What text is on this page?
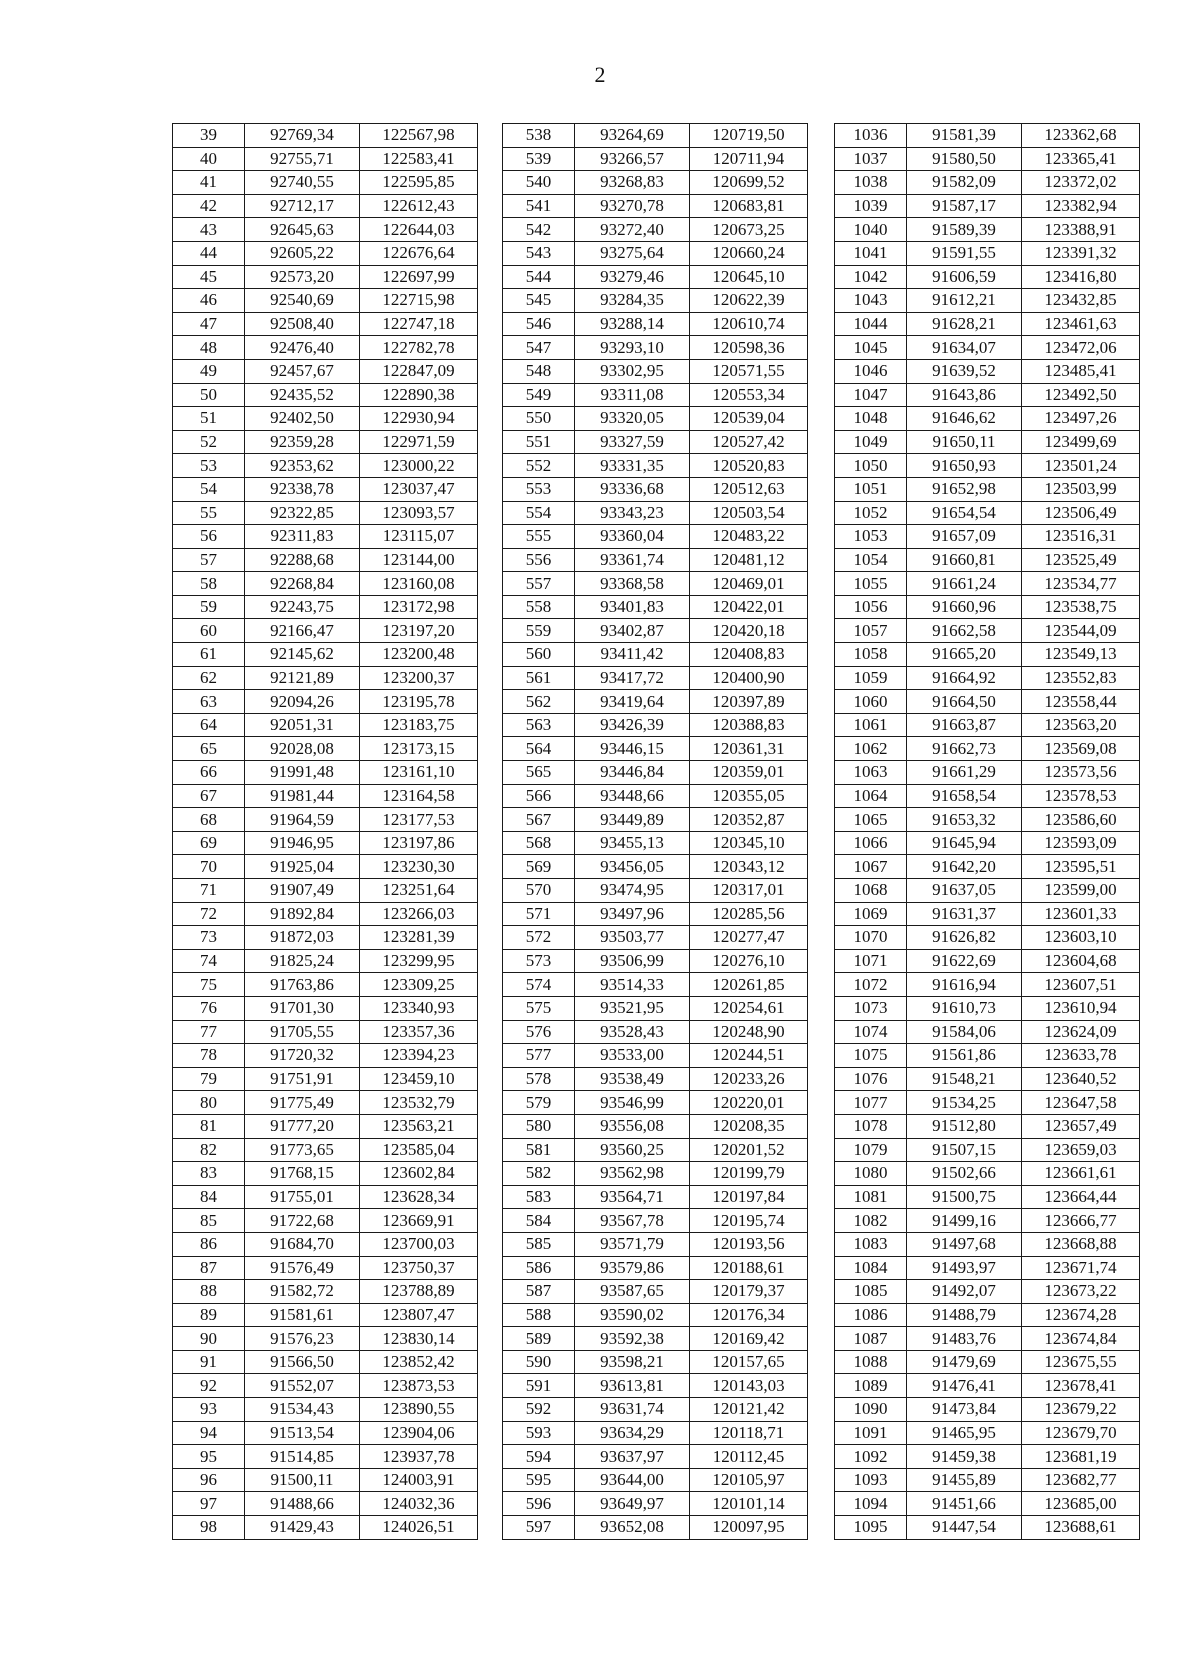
2
39	92769,34	122567,98
40	92755,71	122583,41
41	92740,55	122595,85
42	92712,17	122612,43
43	92645,63	122644,03
44	92605,22	122676,64
45	92573,20	122697,99
46	92540,69	122715,98
47	92508,40	122747,18
48	92476,40	122782,78
49	92457,67	122847,09
50	92435,52	122890,38
51	92402,50	122930,94
52	92359,28	122971,59
53	92353,62	123000,22
54	92338,78	123037,47
55	92322,85	123093,57
56	92311,83	123115,07
57	92288,68	123144,00
58	92268,84	123160,08
59	92243,75	123172,98
60	92166,47	123197,20
61	92145,62	123200,48
62	92121,89	123200,37
63	92094,26	123195,78
64	92051,31	123183,75
65	92028,08	123173,15
66	91991,48	123161,10
67	91981,44	123164,58
68	91964,59	123177,53
69	91946,95	123197,86
70	91925,04	123230,30
71	91907,49	123251,64
72	91892,84	123266,03
73	91872,03	123281,39
74	91825,24	123299,95
75	91763,86	123309,25
76	91701,30	123340,93
77	91705,55	123357,36
78	91720,32	123394,23
79	91751,91	123459,10
80	91775,49	123532,79
81	91777,20	123563,21
82	91773,65	123585,04
83	91768,15	123602,84
84	91755,01	123628,34
85	91722,68	123669,91
86	91684,70	123700,03
87	91576,49	123750,37
88	91582,72	123788,89
89	91581,61	123807,47
90	91576,23	123830,14
91	91566,50	123852,42
92	91552,07	123873,53
93	91534,43	123890,55
94	91513,54	123904,06
95	91514,85	123937,78
96	91500,11	124003,91
97	91488,66	124032,36
98	91429,43	124026,51
538	93264,69	120719,50
539	93266,57	120711,94
540	93268,83	120699,52
541	93270,78	120683,81
542	93272,40	120673,25
543	93275,64	120660,24
544	93279,46	120645,10
545	93284,35	120622,39
546	93288,14	120610,74
547	93293,10	120598,36
548	93302,95	120571,55
549	93311,08	120553,34
550	93320,05	120539,04
551	93327,59	120527,42
552	93331,35	120520,83
553	93336,68	120512,63
554	93343,23	120503,54
555	93360,04	120483,22
556	93361,74	120481,12
557	93368,58	120469,01
558	93401,83	120422,01
559	93402,87	120420,18
560	93411,42	120408,83
561	93417,72	120400,90
562	93419,64	120397,89
563	93426,39	120388,83
564	93446,15	120361,31
565	93446,84	120359,01
566	93448,66	120355,05
567	93449,89	120352,87
568	93455,13	120345,10
569	93456,05	120343,12
570	93474,95	120317,01
571	93497,96	120285,56
572	93503,77	120277,47
573	93506,99	120276,10
574	93514,33	120261,85
575	93521,95	120254,61
576	93528,43	120248,90
577	93533,00	120244,51
578	93538,49	120233,26
579	93546,99	120220,01
580	93556,08	120208,35
581	93560,25	120201,52
582	93562,98	120199,79
583	93564,71	120197,84
584	93567,78	120195,74
585	93571,79	120193,56
586	93579,86	120188,61
587	93587,65	120179,37
588	93590,02	120176,34
589	93592,38	120169,42
590	93598,21	120157,65
591	93613,81	120143,03
592	93631,74	120121,42
593	93634,29	120118,71
594	93637,97	120112,45
595	93644,00	120105,97
596	93649,97	120101,14
597	93652,08	120097,95
1036	91581,39	123362,68
1037	91580,50	123365,41
1038	91582,09	123372,02
1039	91587,17	123382,94
1040	91589,39	123388,91
1041	91591,55	123391,32
1042	91606,59	123416,80
1043	91612,21	123432,85
1044	91628,21	123461,63
1045	91634,07	123472,06
1046	91639,52	123485,41
1047	91643,86	123492,50
1048	91646,62	123497,26
1049	91650,11	123499,69
1050	91650,93	123501,24
1051	91652,98	123503,99
1052	91654,54	123506,49
1053	91657,09	123516,31
1054	91660,81	123525,49
1055	91661,24	123534,77
1056	91660,96	123538,75
1057	91662,58	123544,09
1058	91665,20	123549,13
1059	91664,92	123552,83
1060	91664,50	123558,44
1061	91663,87	123563,20
1062	91662,73	123569,08
1063	91661,29	123573,56
1064	91658,54	123578,53
1065	91653,32	123586,60
1066	91645,94	123593,09
1067	91642,20	123595,51
1068	91637,05	123599,00
1069	91631,37	123601,33
1070	91626,82	123603,10
1071	91622,69	123604,68
1072	91616,94	123607,51
1073	91610,73	123610,94
1074	91584,06	123624,09
1075	91561,86	123633,78
1076	91548,21	123640,52
1077	91534,25	123647,58
1078	91512,80	123657,49
1079	91507,15	123659,03
1080	91502,66	123661,61
1081	91500,75	123664,44
1082	91499,16	123666,77
1083	91497,68	123668,88
1084	91493,97	123671,74
1085	91492,07	123673,22
1086	91488,79	123674,28
1087	91483,76	123674,84
1088	91479,69	123675,55
1089	91476,41	123678,41
1090	91473,84	123679,22
1091	91465,95	123679,70
1092	91459,38	123681,19
1093	91455,89	123682,77
1094	91451,66	123685,00
1095	91447,54	123688,61
